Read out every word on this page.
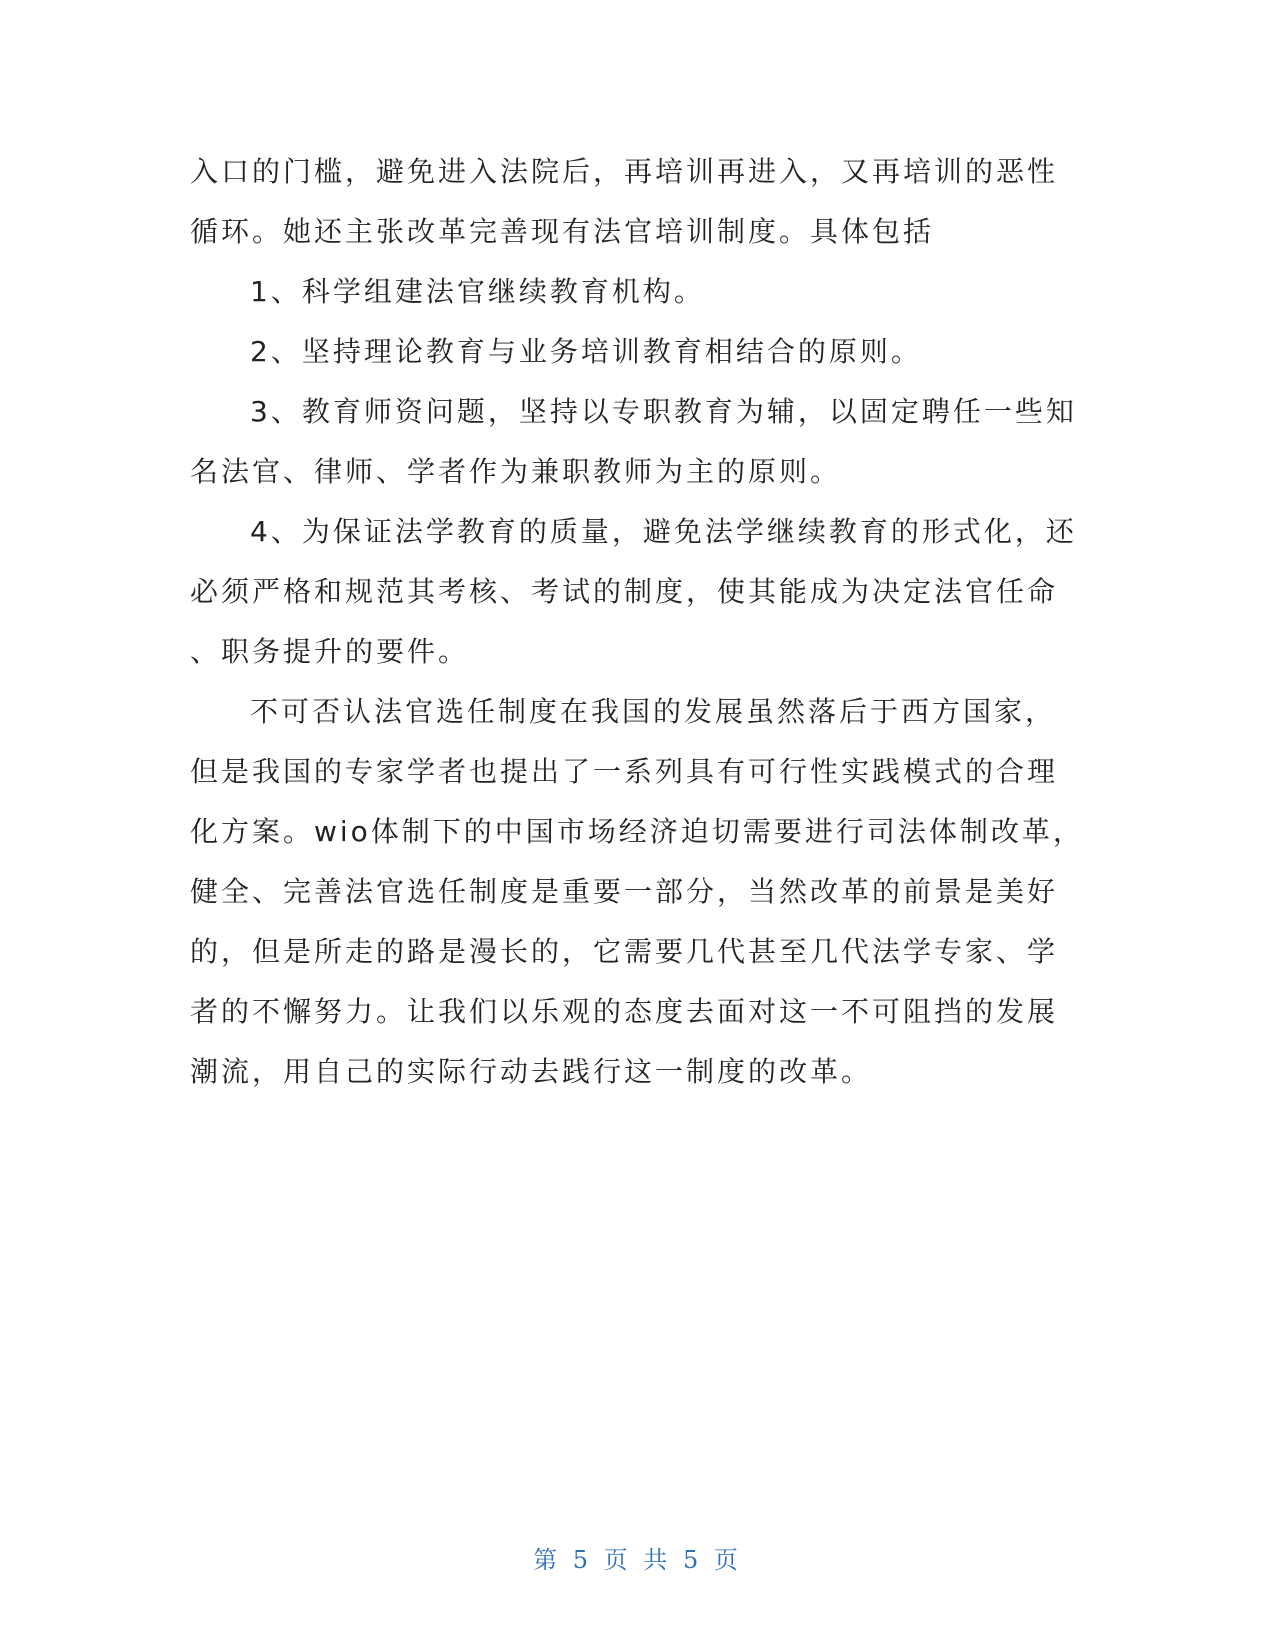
入口的门槛，避免进入法院后，再培训再进入，又再培训的恶性
循环。她还主张改革完善现有法官培训制度。具体包括
1、科学组建法官继续教育机构。
2、坚持理论教育与业务培训教育相结合的原则。
3、教育师资问题，坚持以专职教育为辅，以固定聘任一些知
名法官、律师、学者作为兼职教师为主的原则。
4、为保证法学教育的质量，避免法学继续教育的形式化，还
必须严格和规范其考核、考试的制度，使其能成为决定法官任命
、职务提升的要件。
不可否认法官选任制度在我国的发展虽然落后于西方国家，
但是我国的专家学者也提出了一系列具有可行性实践模式的合理
化方案。wio体制下的中国市场经济迫切需要进行司法体制改革，
健全、完善法官选任制度是重要一部分，当然改革的前景是美好
的，但是所走的路是漫长的，它需要几代甚至几代法学专家、学
者的不懈努力。让我们以乐观的态度去面对这一不可阻挡的发展
潮流，用自己的实际行动去践行这一制度的改革。
第 5 页 共 5 页
